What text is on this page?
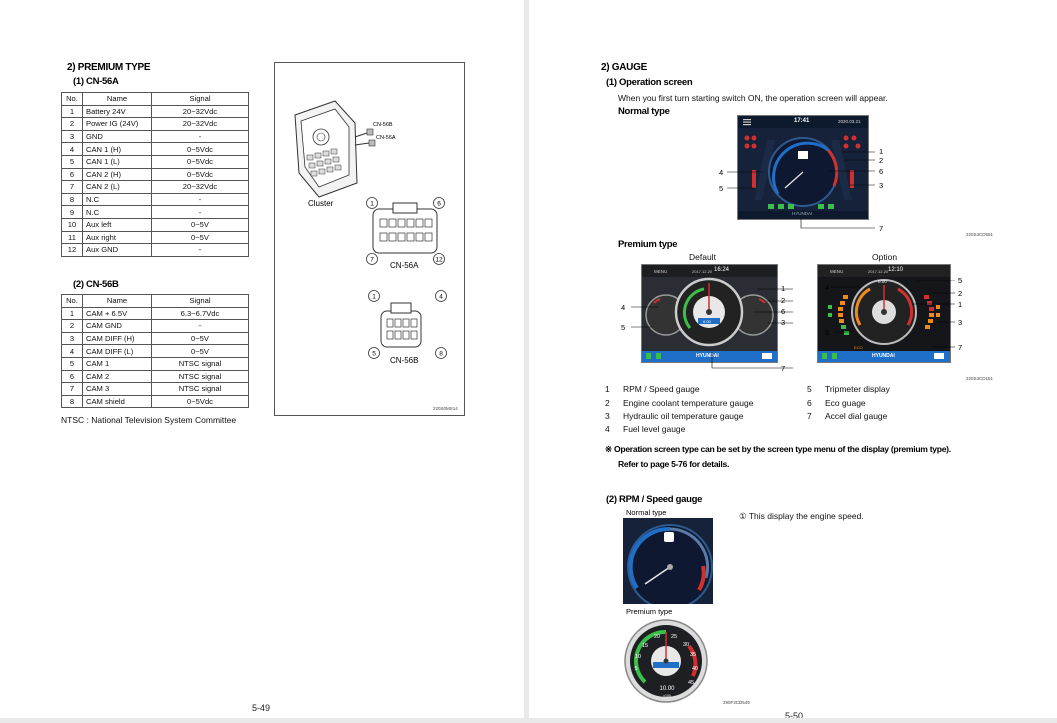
2) PREMIUM TYPE
(1) CN-56A
No.	Name	Signal
1	Battery 24V	20~32Vdc
2	Power IG (24V)	20~32Vdc
3	GND	-
4	CAN 1 (H)	0~5Vdc
5	CAN 1 (L)	0~5Vdc
6	CAN 2 (H)	0~5Vdc
7	CAN 2 (L)	20~32Vdc
8	N.C	-
9	N.C	-
10	Aux left	0~5V
11	Aux right	0~5V
12	Aux GND	-
(2) CN-56B
No.	Name	Signal
1	CAM + 6.5V	6.3~6.7Vdc
2	CAM GND	-
3	CAM DIFF (H)	0~5V
4	CAM DIFF (L)	0~5V
5	CAM 1	NTSC signal
6	CAM 2	NTSC signal
7	CAM 3	NTSC signal
8	CAM shield	0~5Vdc
NTSC : National Television System Committee
1	6
7	12
1	4
5	8
CN-56B
CN-56A
Cluster
CN-56A
CN-56B
220S0MS14
5-49
2) GAUGE
(1) Operation screen
When you first turn starting switch ON, the operation screen will appear.
Normal type
17:41	2020.03.21
HYUNDAI
1
2
6
3
4
5
7
220S3CD551
Premium type
Default	Option
MENU	2017.12.20 16:24
0.00
HYUNDAI
MENU	2017.12.20 12:10
0:00
ECO
HYUNDAI
1
2
6
3
4
5
7
5
2
1
3
4
6
7
220S3CD151
1 RPM / Speed gauge
2 Engine coolant temperature gauge
3 Hydraulic oil temperature gauge
4 Fuel level gauge
5 Tripmeter display
6 Eco guage
7 Accel dial gauge
※ Operation screen type can be set by the screen type menu of the display (premium type).
Refer to page 5-76 for details.
(2) RPM / Speed gauge
Normal type	① This display the engine speed.
Premium type
20 25
30
15
35
10
40
5
45
10.00
x100
290F3CD549
5-50
